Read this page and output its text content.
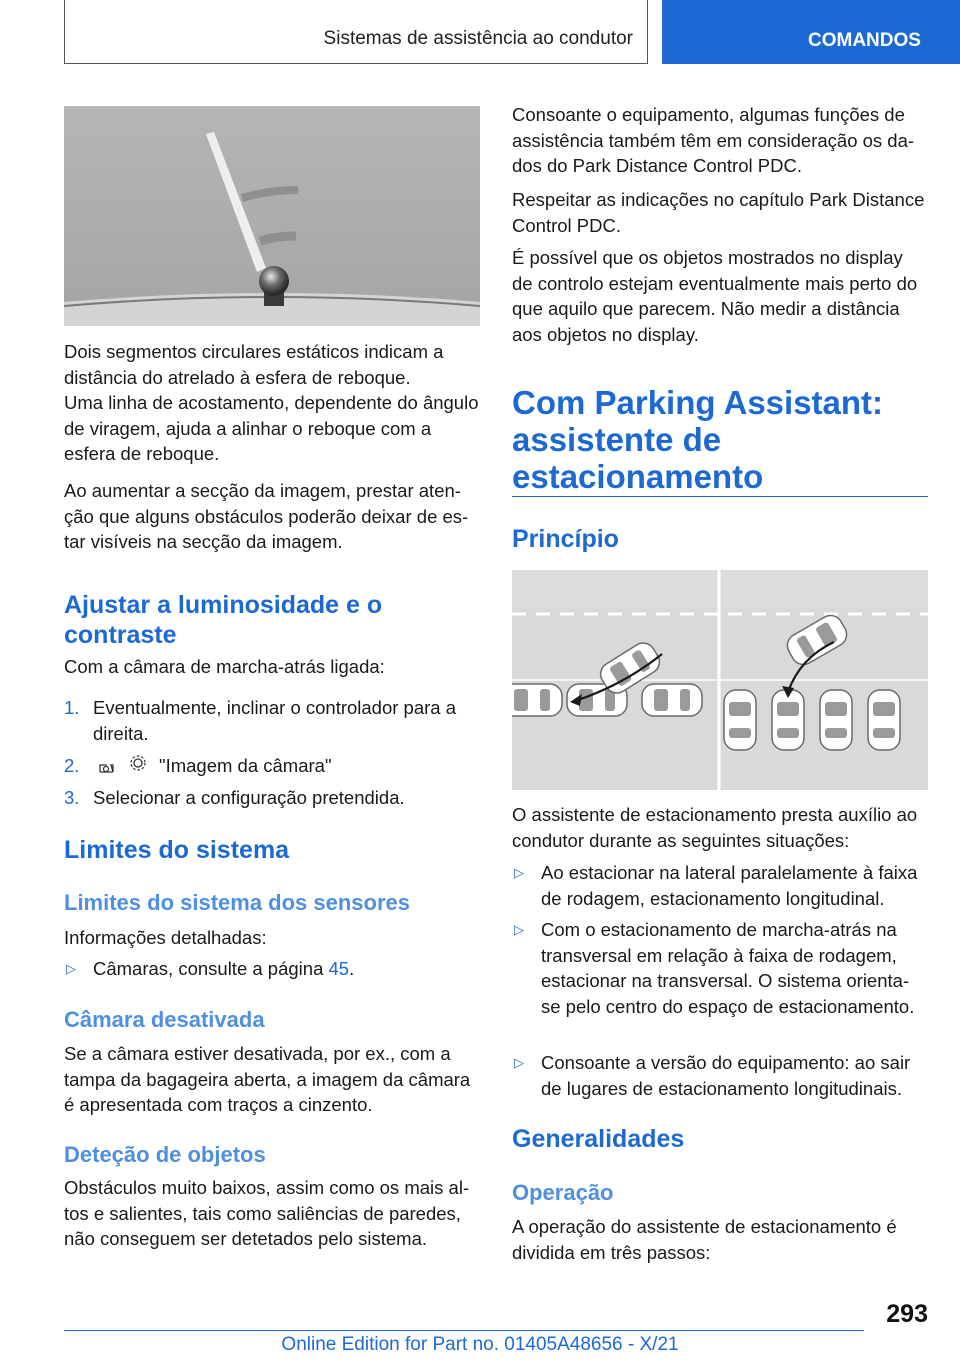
Sistemas de assistência ao condutor	COMANDOS

Dois segmentos circulares estáticos indicam a distância do atrelado à esfera de reboque.

Uma linha de acostamento, dependente do ângulo de viragem, ajuda a alinhar o reboque com a esfera de reboque.

Ao aumentar a secção da imagem, prestar atenção que alguns obstáculos poderão deixar de estar visíveis na secção da imagem.

Ajustar a luminosidade e o contraste

Com a câmara de marcha-atrás ligada:

1. Eventualmente, inclinar o controlador para a direita.
2.	"Imagem da câmara"
3. Selecionar a configuração pretendida.
Limites do sistema
Limites do sistema dos sensores

Informações detalhadas:

▷ Câmaras, consulte a página 45.
Câmara desativada

Se a câmara estiver desativada, por ex., com a tampa da bagageira aberta, a imagem da câmara é apresentada com traços a cinzento.

Deteção de objetos

Obstáculos muito baixos, assim como os mais altos e salientes, tais como saliências de paredes, não conseguem ser detetados pelo sistema.

Consoante o equipamento, algumas funções de assistência também têm em consideração os dados do Park Distance Control PDC.

Respeitar as indicações no capítulo Park Distance Control PDC.

É possível que os objetos mostrados no display de controlo estejam eventualmente mais perto do que aquilo que parecem. Não medir a distância aos objetos no display.

Com Parking Assistant:
assistente de
estacionamento
Princípio

O assistente de estacionamento presta auxílio ao condutor durante as seguintes situações:

▷ Ao estacionar na lateral paralelamente à faixa de rodagem, estacionamento longitudinal.
▷ Com o estacionamento de marcha-atrás na transversal em relação à faixa de rodagem, estacionar na transversal. O sistema orienta-se pelo centro do espaço de estacionamento.
▷ Consoante a versão do equipamento: ao sair de lugares de estacionamento longitudinais.
Generalidades
Operação

A operação do assistente de estacionamento é dividida em três passos:

293
Online Edition for Part no. 01405A48656 - X/21
